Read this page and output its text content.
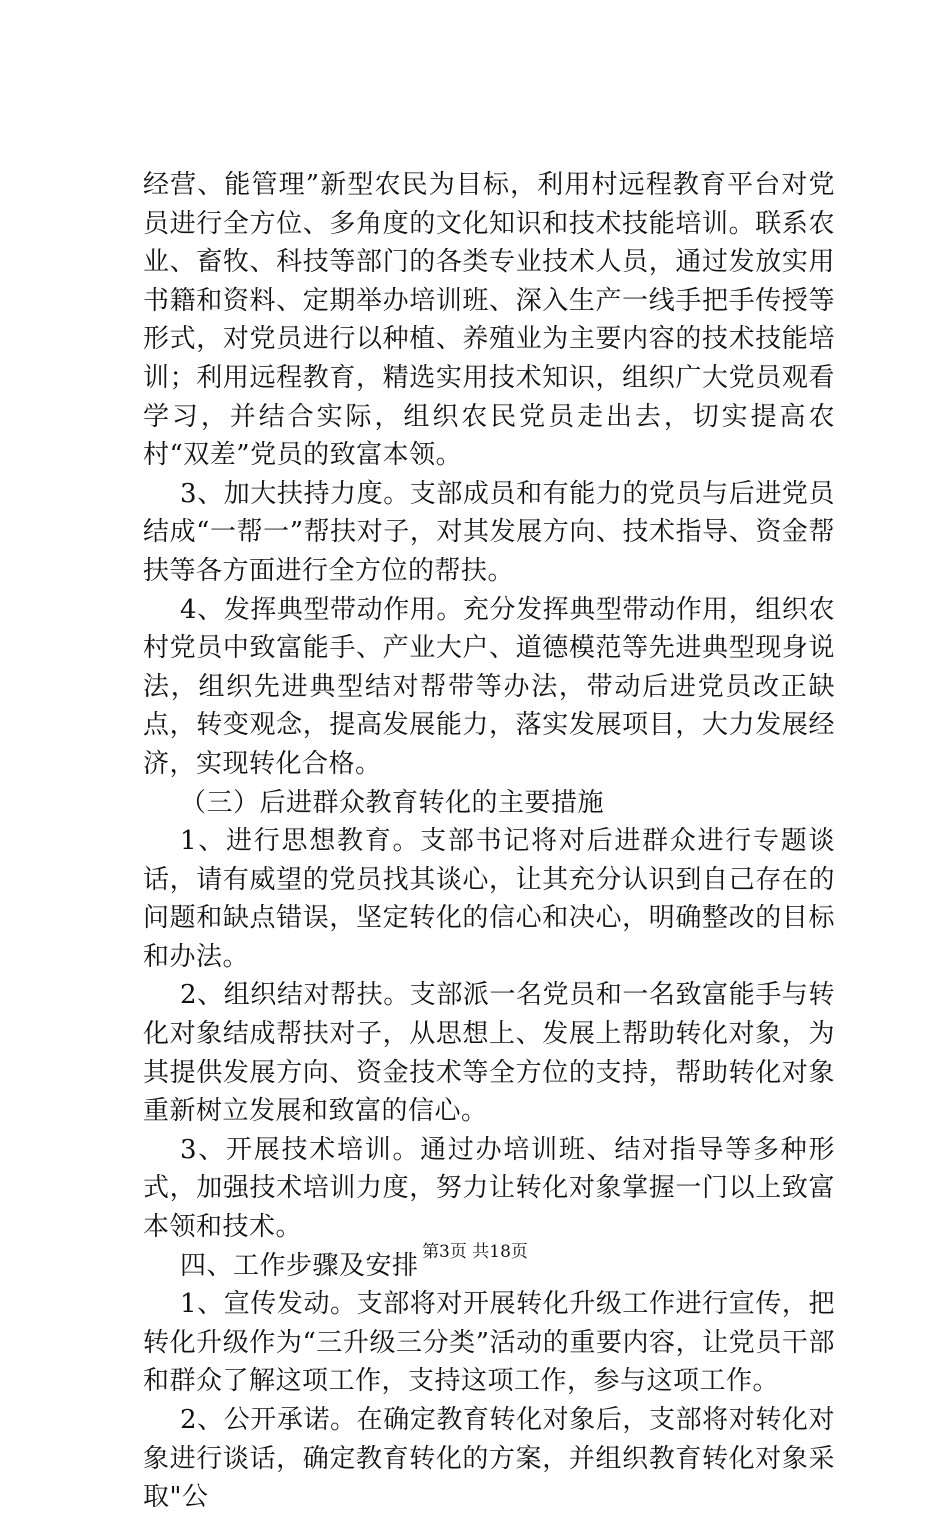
经营、能管理”新型农民为目标，利用村远程教育平台对党员进行全方位、多角度的文化知识和技术技能培训。联系农业、畜牧、科技等部门的各类专业技术人员，通过发放实用书籍和资料、定期举办培训班、深入生产一线手把手传授等形式，对党员进行以种植、养殖业为主要内容的技术技能培训；利用远程教育，精选实用技术知识，组织广大党员观看学习，并结合实际，组织农民党员走出去，切实提高农村“双差”党员的致富本领。

3、加大扶持力度。支部成员和有能力的党员与后进党员结成“一帮一”帮扶对子，对其发展方向、技术指导、资金帮扶等各方面进行全方位的帮扶。

4、发挥典型带动作用。充分发挥典型带动作用，组织农村党员中致富能手、产业大户、道德模范等先进典型现身说法，组织先进典型结对帮带等办法，带动后进党员改正缺点，转变观念，提高发展能力，落实发展项目，大力发展经济，实现转化合格。

（三）后进群众教育转化的主要措施

1、进行思想教育。支部书记将对后进群众进行专题谈话，请有威望的党员找其谈心，让其充分认识到自己存在的问题和缺点错误，坚定转化的信心和决心，明确整改的目标和办法。

2、组织结对帮扶。支部派一名党员和一名致富能手与转化对象结成帮扶对子，从思想上、发展上帮助转化对象，为其提供发展方向、资金技术等全方位的支持，帮助转化对象重新树立发展和致富的信心。

3、开展技术培训。通过办培训班、结对指导等多种形式，加强技术培训力度，努力让转化对象掌握一门以上致富本领和技术。

四、工作步骤及安排

1、宣传发动。支部将对开展转化升级工作进行宣传，把转化升级作为“三升级三分类”活动的重要内容，让党员干部和群众了解这项工作，支持这项工作，参与这项工作。

2、公开承诺。在确定教育转化对象后，支部将对转化对象进行谈话，确定教育转化的方案，并组织教育转化对象采取"公

第3页 共18页
